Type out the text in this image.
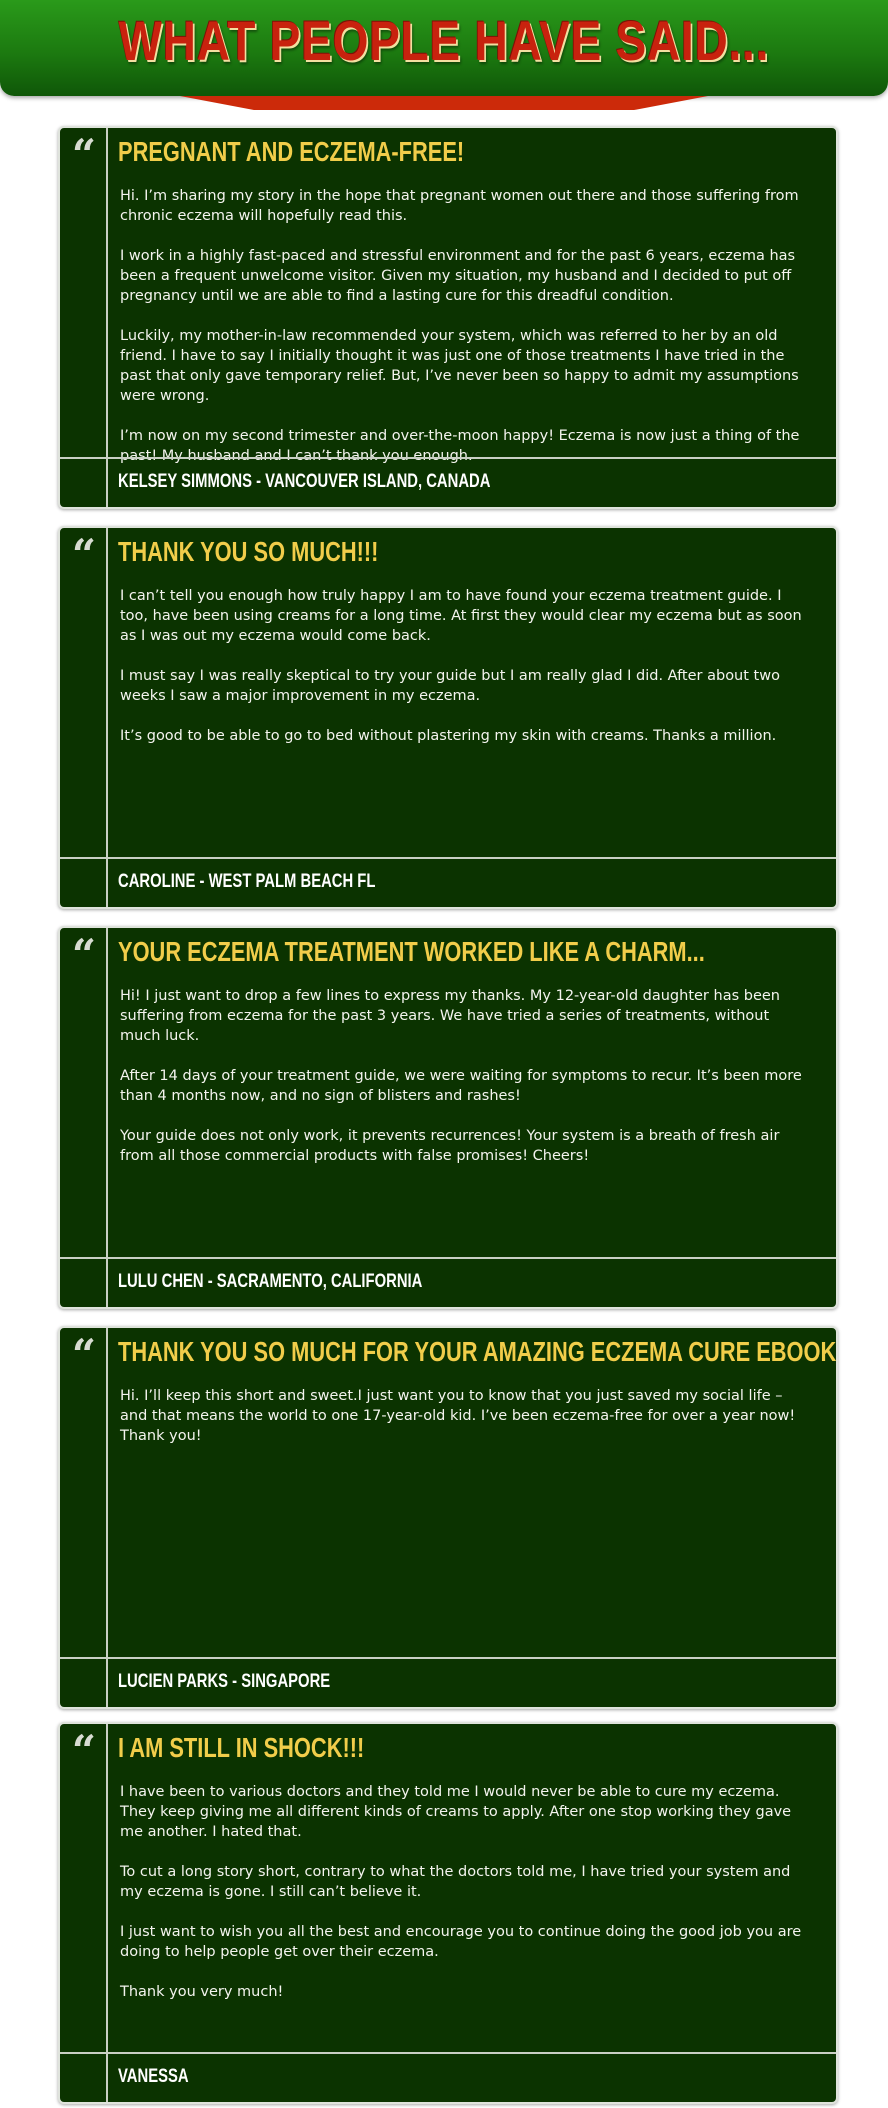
WHAT PEOPLE HAVE SAID...
“ PREGNANT AND ECZEMA-FREE!

Hi. I’m sharing my story in the hope that pregnant women out there and those suffering from chronic eczema will hopefully read this.

I work in a highly fast-paced and stressful environment and for the past 6 years, eczema has been a frequent unwelcome visitor. Given my situation, my husband and I decided to put off pregnancy until we are able to find a lasting cure for this dreadful condition.

Luckily, my mother-in-law recommended your system, which was referred to her by an old friend. I have to say I initially thought it was just one of those treatments I have tried in the past that only gave temporary relief. But, I’ve never been so happy to admit my assumptions were wrong.

I’m now on my second trimester and over-the-moon happy! Eczema is now just a thing of the past! My husband and I can’t thank you enough.

KELSEY SIMMONS - VANCOUVER ISLAND, CANADA
“ THANK YOU SO MUCH!!!

I can’t tell you enough how truly happy I am to have found your eczema treatment guide. I too, have been using creams for a long time. At first they would clear my eczema but as soon as I was out my eczema would come back.

I must say I was really skeptical to try your guide but I am really glad I did. After about two weeks I saw a major improvement in my eczema.

It’s good to be able to go to bed without plastering my skin with creams. Thanks a million.

CAROLINE - WEST PALM BEACH FL
“ YOUR ECZEMA TREATMENT WORKED LIKE A CHARM...

Hi! I just want to drop a few lines to express my thanks. My 12-year-old daughter has been suffering from eczema for the past 3 years. We have tried a series of treatments, without much luck.

After 14 days of your treatment guide, we were waiting for symptoms to recur. It’s been more than 4 months now, and no sign of blisters and rashes!

Your guide does not only work, it prevents recurrences! Your system is a breath of fresh air from all those commercial products with false promises! Cheers!

LULU CHEN - SACRAMENTO, CALIFORNIA
“ THANK YOU SO MUCH FOR YOUR AMAZING ECZEMA CURE EBOOK

Hi. I’ll keep this short and sweet.I just want you to know that you just saved my social life – and that means the world to one 17-year-old kid. I’ve been eczema-free for over a year now! Thank you!

LUCIEN PARKS - SINGAPORE
“ I AM STILL IN SHOCK!!!

I have been to various doctors and they told me I would never be able to cure my eczema. They keep giving me all different kinds of creams to apply. After one stop working they gave me another. I hated that.

To cut a long story short, contrary to what the doctors told me, I have tried your system and my eczema is gone. I still can’t believe it.

I just want to wish you all the best and encourage you to continue doing the good job you are doing to help people get over their eczema.

Thank you very much!

VANESSA
